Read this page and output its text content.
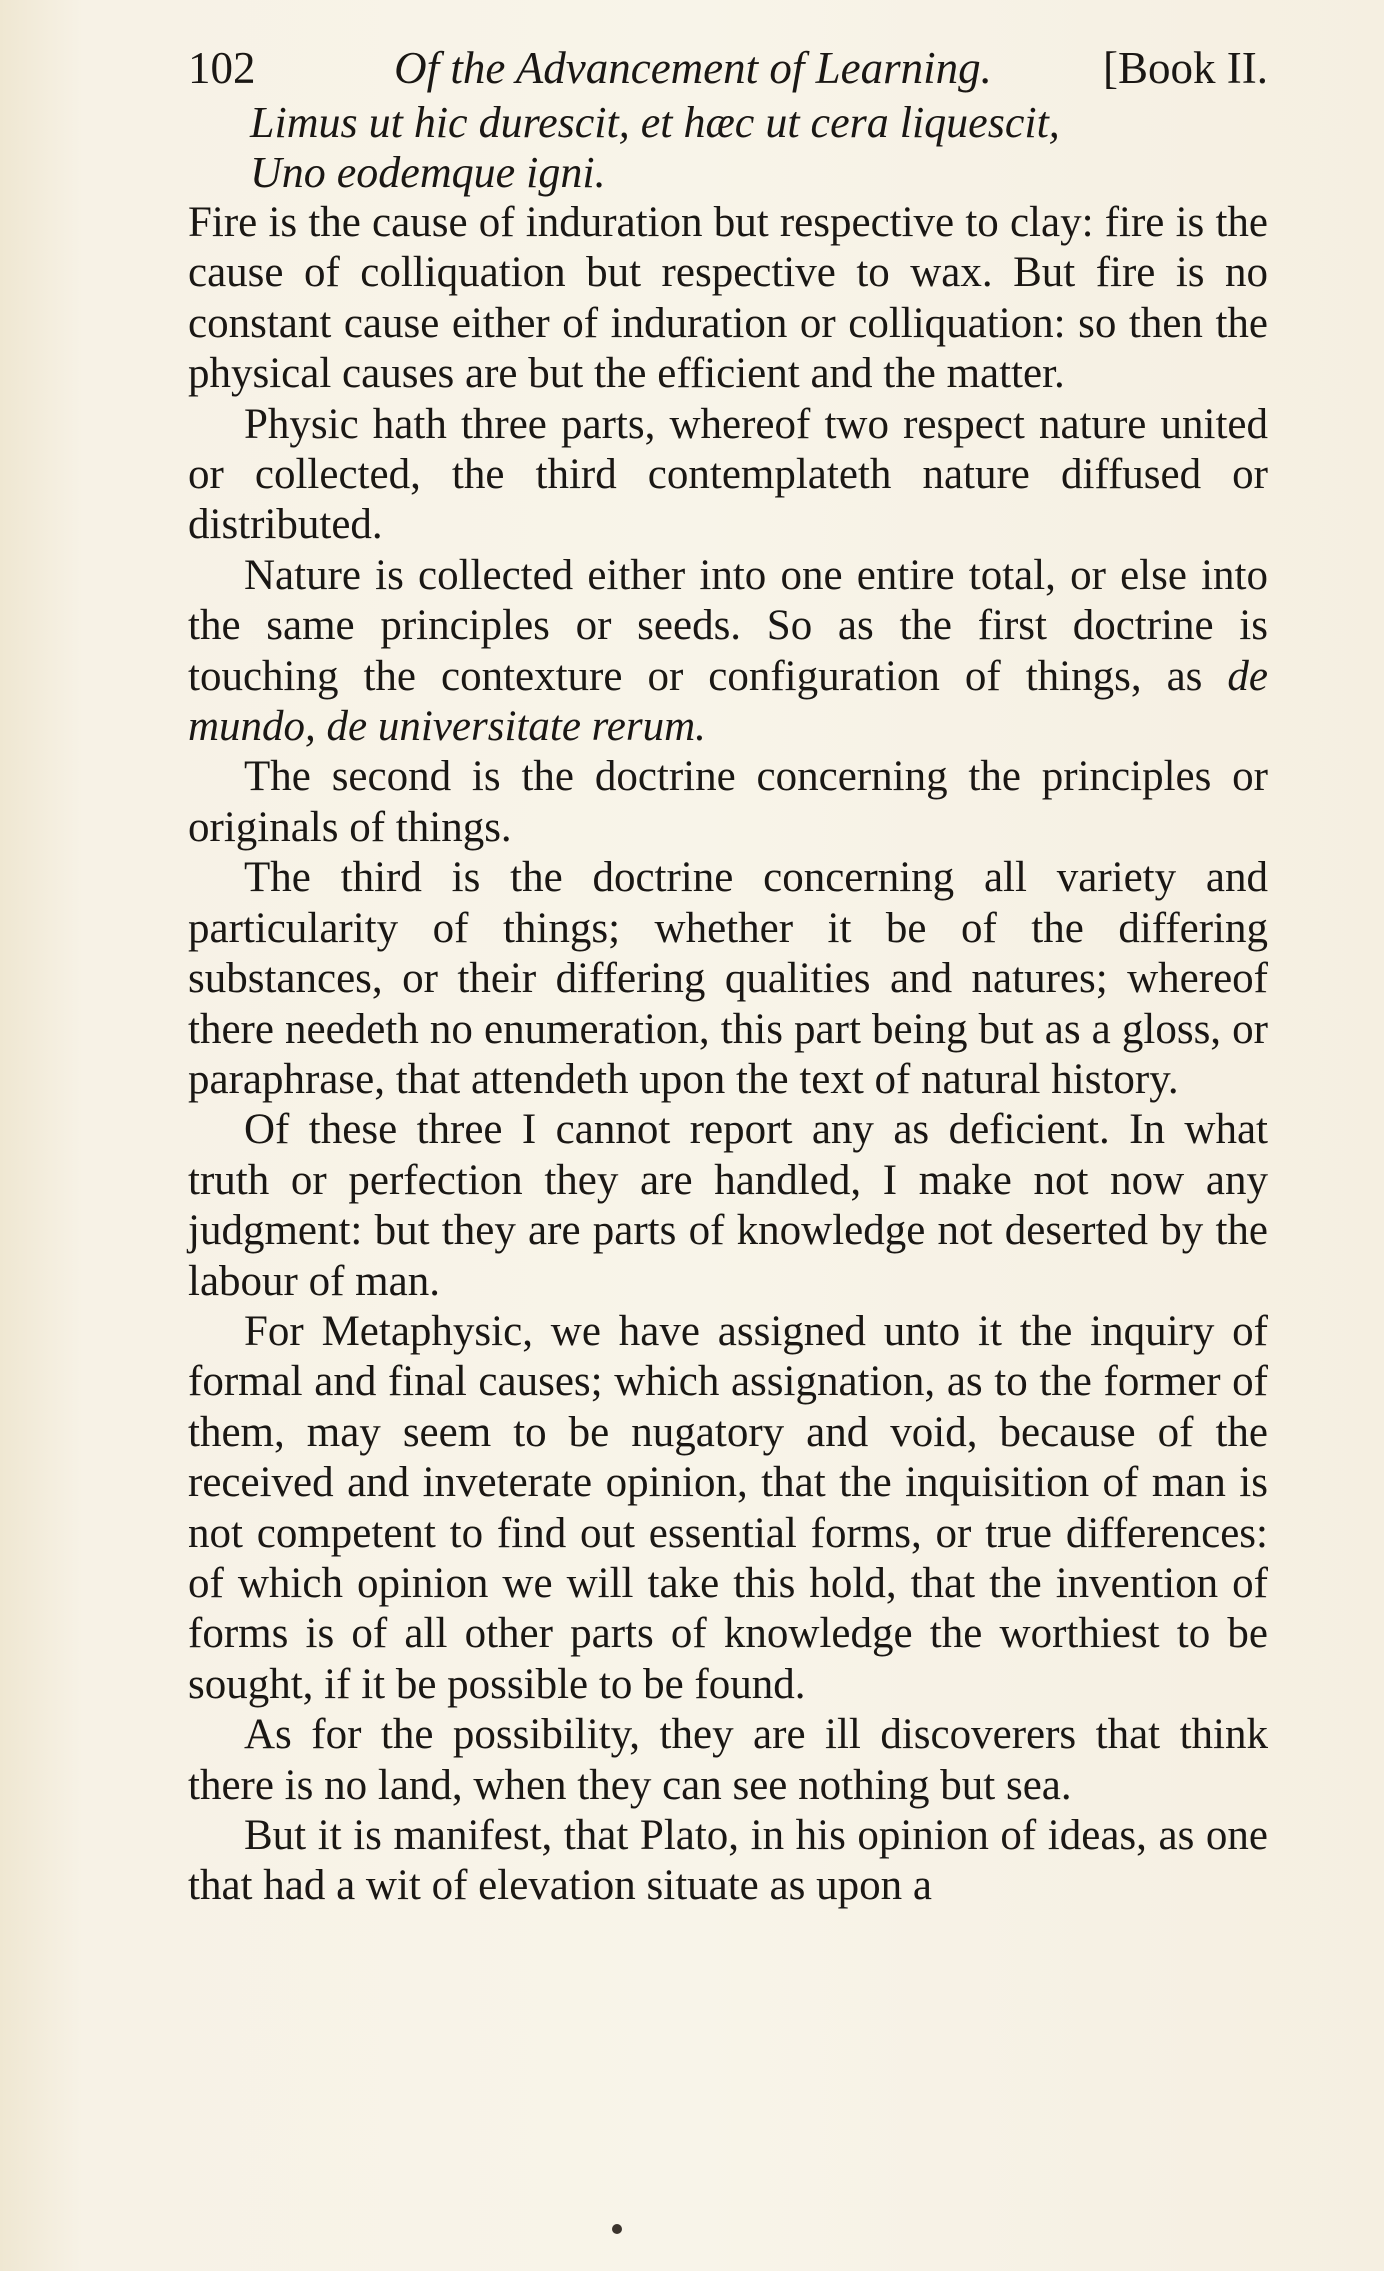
102	Of the Advancement of Learning.	[Book II.
Limus ut hic durescit, et hæc ut cera liquescit,
Uno eodemque igni.

Fire is the cause of induration but respective to clay: fire is the cause of colliquation but respective to wax. But fire is no constant cause either of induration or colliquation: so then the physical causes are but the efficient and the matter.

Physic hath three parts, whereof two respect nature united or collected, the third contemplateth nature diffused or distributed.

Nature is collected either into one entire total, or else into the same principles or seeds. So as the first doctrine is touching the contexture or configuration of things, as de mundo, de universitate rerum.

The second is the doctrine concerning the principles or originals of things.

The third is the doctrine concerning all variety and particularity of things; whether it be of the differing substances, or their differing qualities and natures; whereof there needeth no enumeration, this part being but as a gloss, or paraphrase, that attendeth upon the text of natural history.

Of these three I cannot report any as deficient. In what truth or perfection they are handled, I make not now any judgment: but they are parts of knowledge not deserted by the labour of man.

For Metaphysic, we have assigned unto it the inquiry of formal and final causes; which assignation, as to the former of them, may seem to be nugatory and void, because of the received and inveterate opinion, that the inquisition of man is not competent to find out essential forms, or true differences: of which opinion we will take this hold, that the invention of forms is of all other parts of knowledge the worthiest to be sought, if it be possible to be found.

As for the possibility, they are ill discoverers that think there is no land, when they can see nothing but sea.

But it is manifest, that Plato, in his opinion of ideas, as one that had a wit of elevation situate as upon a
